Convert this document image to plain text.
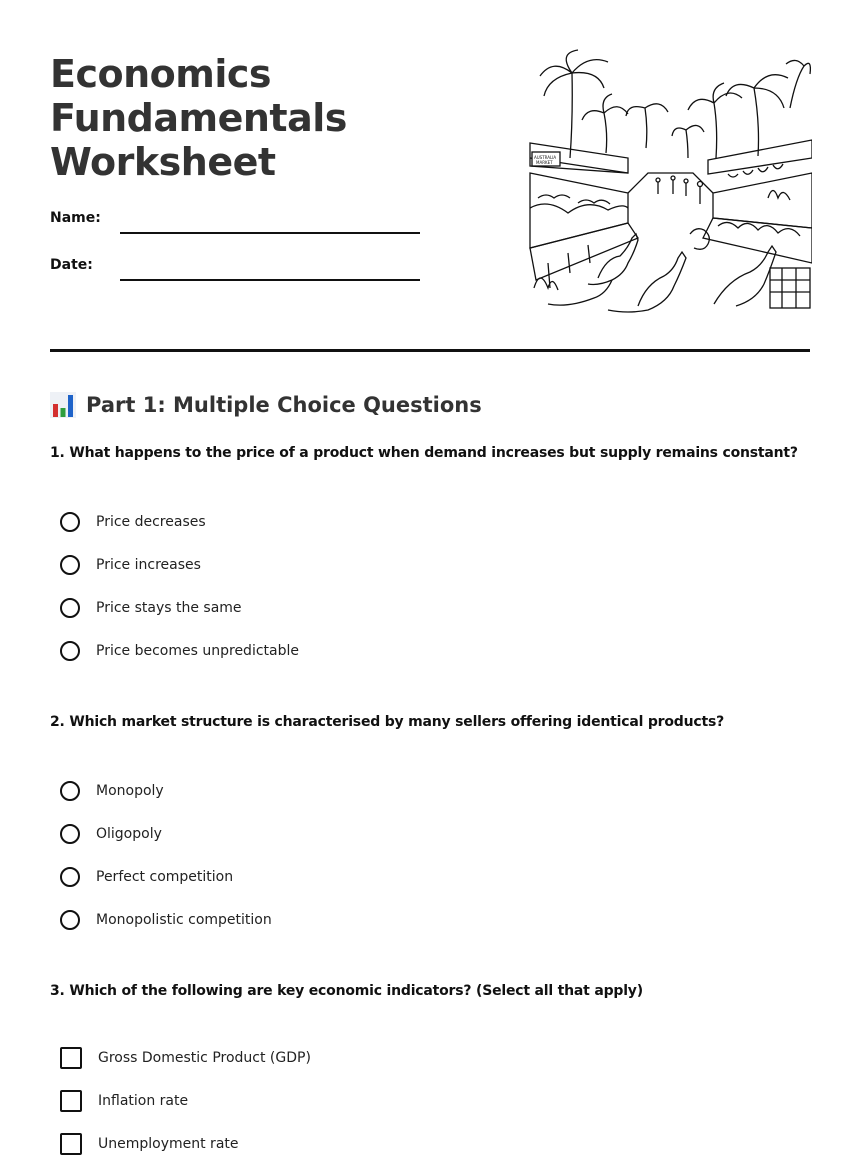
Economics
Fundamentals
Worksheet
Name:
Date:
AUSTRALIA
MARKET
Part 1: Multiple Choice Questions
1. What happens to the price of a product when demand increases but supply remains constant?
Price decreases
Price increases
Price stays the same
Price becomes unpredictable
2. Which market structure is characterised by many sellers offering identical products?
Monopoly
Oligopoly
Perfect competition
Monopolistic competition
3. Which of the following are key economic indicators? (Select all that apply)
Gross Domestic Product (GDP)
Inflation rate
Unemployment rate
